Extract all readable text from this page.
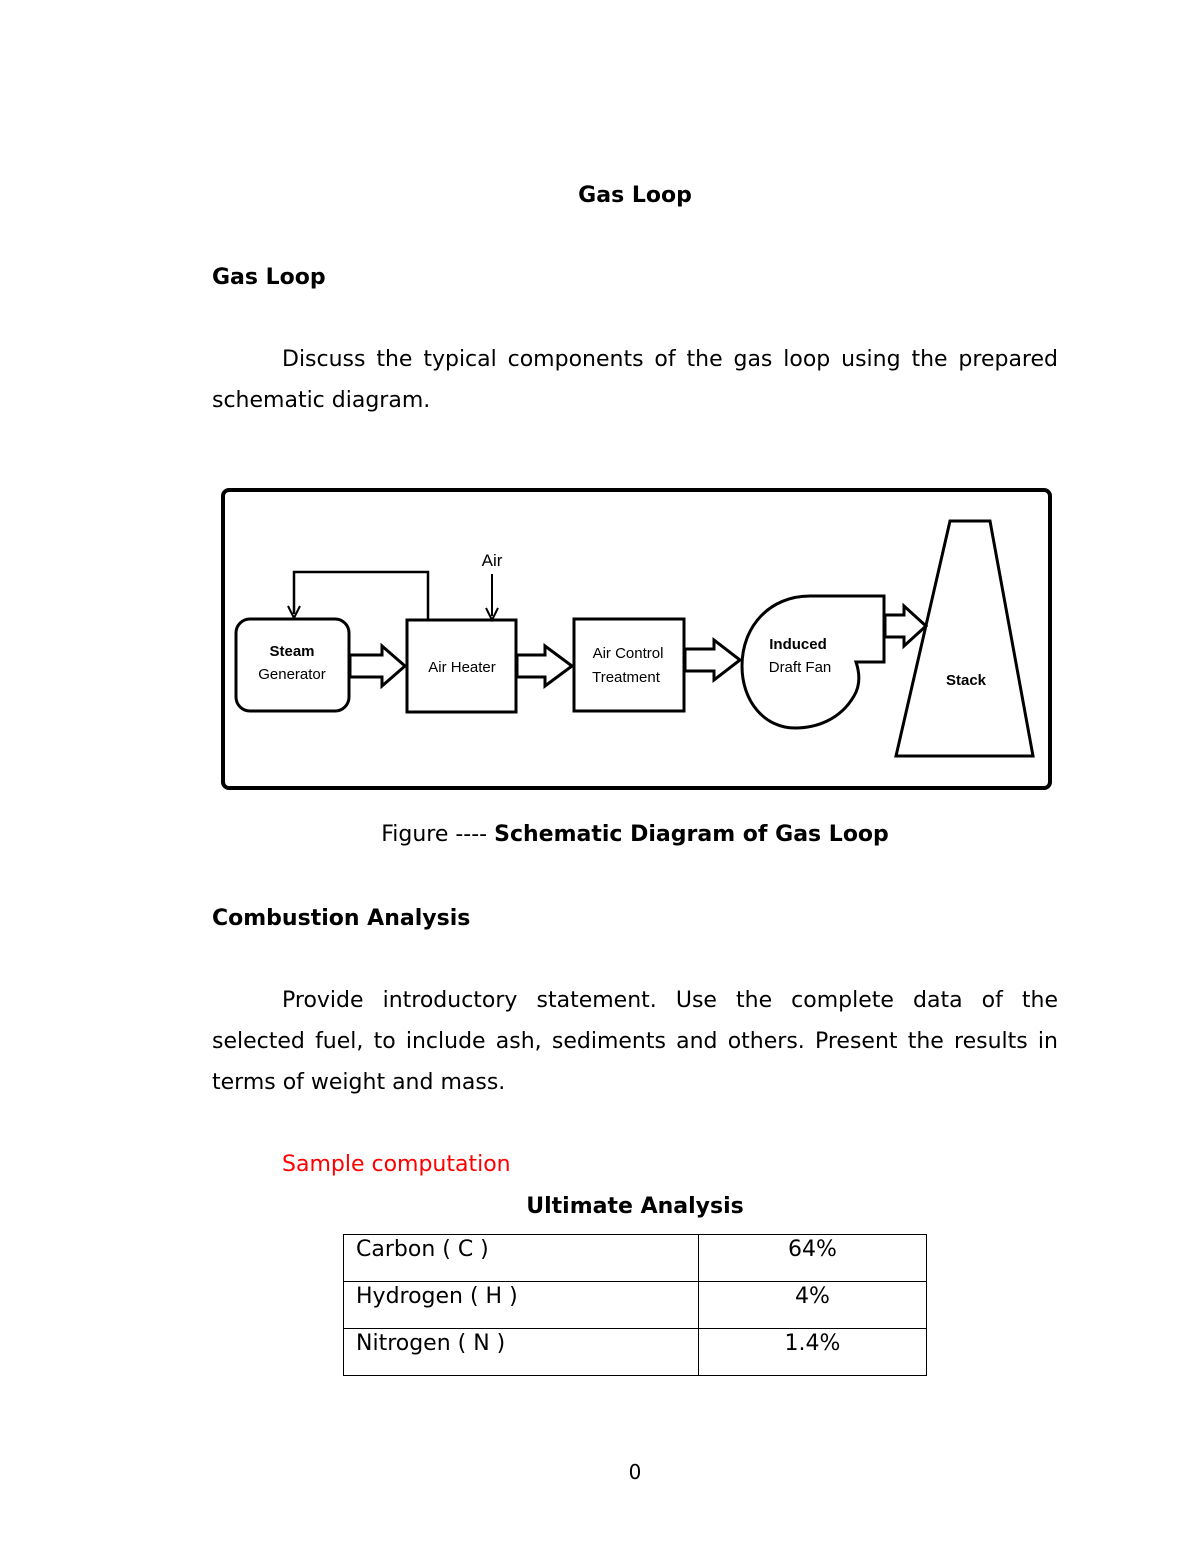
Gas Loop
Gas Loop
Discuss the typical components of the gas loop using the prepared schematic diagram.
Steam
Generator	Air Heater
Air
Air Control
Treatment
Induced
Draft Fan
Stack
Figure ---- Schematic Diagram of Gas Loop
Combustion Analysis
Provide introductory statement. Use the complete data of the selected fuel, to include ash, sediments and others. Present the results in terms of weight and mass.
Sample computation
Ultimate Analysis
Carbon ( C )	64%
Hydrogen ( H )	4%
Nitrogen ( N )	1.4%
0
